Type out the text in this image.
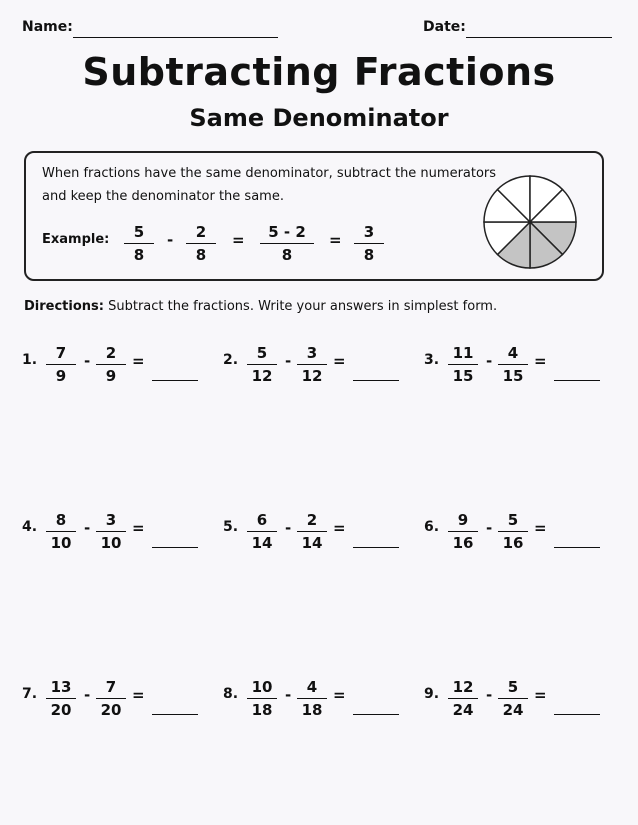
Name:	Date:
Subtracting Fractions
Same Denominator
When fractions have the same denominator, subtract the numerators
and keep the denominator the same.
Example:	5
8
-	2
8
=	5 - 2
8
=	3
8
Directions: Subtract the fractions. Write your answers in simplest form.
1.	7
9
-	2
9
=	2.	5
12
-	3
12
=	3. 11
15
-	4
15
=
4.	8
10
-	3
10
=	5.	6
14
-	2
14
=	6.	9
16
-	5
16
=
7. 13
20
-	7
20
=	8. 10
18
-	4
18
=	9. 12
24
-	5
24
=
